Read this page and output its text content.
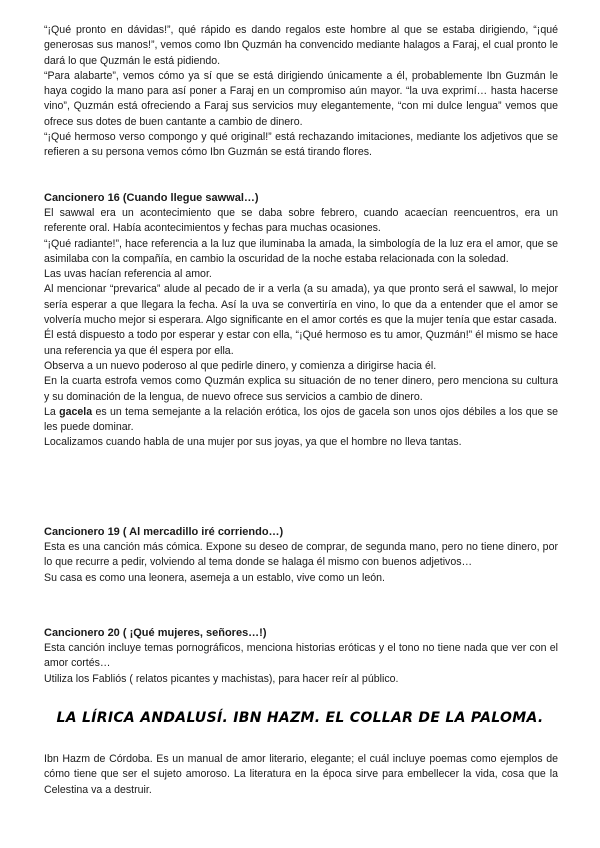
“¡Qué pronto en dávidas!”, qué rápido es dando regalos este hombre al que se estaba dirigiendo, “¡qué generosas sus manos!”, vemos como Ibn Quzmán ha convencido mediante halagos a Faraj, el cual pronto le dará lo que Quzmán le está pidiendo.

“Para alabarte”, vemos cómo ya sí que se está dirigiendo únicamente a él, probablemente Ibn Guzmán le haya cogido la mano para así poner a Faraj en un compromiso aún mayor. “la uva exprimí… hasta hacerse vino”, Quzmán está ofreciendo a Faraj sus servicios muy elegantemente, “con mi dulce lengua” vemos que ofrece sus dotes de buen cantante a cambio de dinero.

“¡Qué hermoso verso compongo y qué original!” está rechazando imitaciones, mediante los adjetivos que se refieren a su persona vemos cómo Ibn Guzmán se está tirando flores.

Cancionero 16 (Cuando llegue sawwal…)

El sawwal era un acontecimiento que se daba sobre febrero, cuando acaecían reencuentros, era un referente oral. Había acontecimientos y fechas para muchas ocasiones.

“¡Qué radiante!”, hace referencia a la luz que iluminaba la amada, la simbología de la luz era el amor, que se asimilaba con la compañía, en cambio la oscuridad de la noche estaba relacionada con la soledad.

Las uvas hacían referencia al amor.

Al mencionar “prevarica” alude al pecado de ir a verla (a su amada), ya que pronto será el sawwal, lo mejor sería esperar a que llegara la fecha. Así la uva se convertiría en vino, lo que da a entender que el amor se volvería mucho mejor si esperara. Algo significante en el amor cortés es que la mujer tenía que estar casada.

Él está dispuesto a todo por esperar y estar con ella, “¡Qué hermoso es tu amor, Quzmán!” él mismo se hace una referencia ya que él espera por ella.

Observa a un nuevo poderoso al que pedirle dinero, y comienza a dirigirse hacia él.

En la cuarta estrofa vemos como Quzmán explica su situación de no tener dinero, pero menciona su cultura y su dominación de la lengua, de nuevo ofrece sus servicios a cambio de dinero.

La gacela es un tema semejante a la relación erótica, los ojos de gacela son unos ojos débiles a los que se les puede dominar.

Localizamos cuando habla de una mujer por sus joyas, ya que el hombre no lleva tantas.

Cancionero 19 ( Al mercadillo iré corriendo…)

Esta es una canción más cómica. Expone su deseo de comprar, de segunda mano, pero no tiene dinero, por lo que recurre a pedir, volviendo al tema donde se halaga él mismo con buenos adjetivos…

Su casa es como una leonera, asemeja a un establo, vive como un león.

Cancionero 20 ( ¡Qué mujeres, señores…!)

Esta canción incluye temas pornográficos, menciona historias eróticas y el tono no tiene nada que ver con el amor cortés…

Utiliza los Fabliós ( relatos picantes y machistas), para hacer reír al público.

LA LÍRICA ANDALUSÍ. IBN HAZM. EL COLLAR DE LA PALOMA.

Ibn Hazm de Córdoba. Es un manual de amor literario, elegante; el cuál incluye poemas como ejemplos de cómo tiene que ser el sujeto amoroso. La literatura en la época sirve para embellecer la vida, cosa que la Celestina va a destruir.
